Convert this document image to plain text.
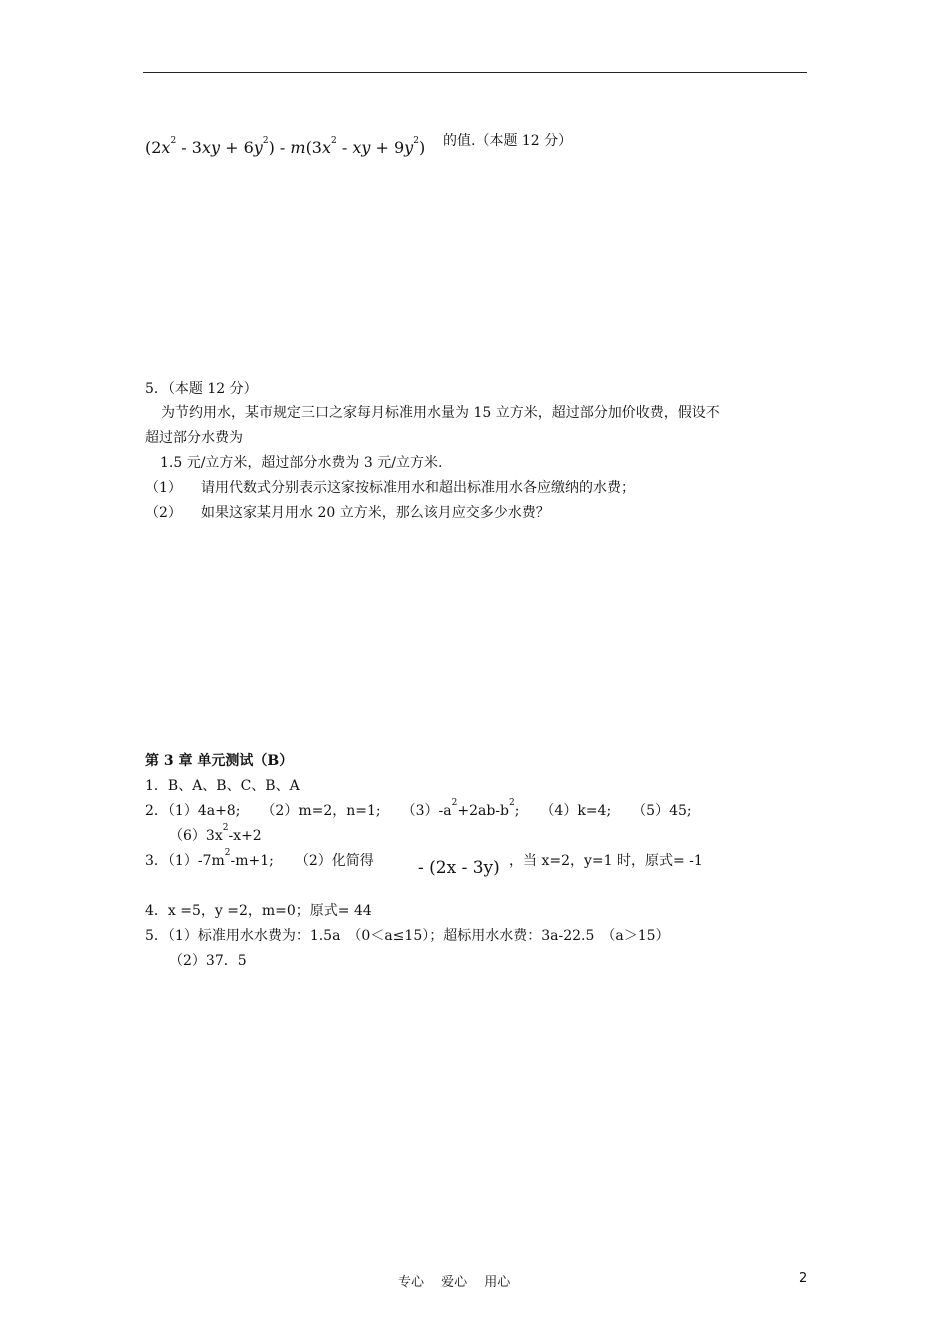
$(2x^2 - 3xy + 6y^2) - m(3x^2$ - xy + $9y^2$) 的值.（本题 12 分）
5．（本题 12 分）
为节约用水，某市规定三口之家每月标准用水量为 15 立方米，超过部分加价收费，假设不
超过部分水费为
1.5 元/立方米，超过部分水费为 3 元/立方米.
（1） 请用代数式分别表示这家按标准用水和超出标准用水各应缴纳的水费；
（2） 如果这家某月用水 20 立方米，那么该月应交多少水费？
第 3 章 单元测试（B）
1．B、A、B、C、B、A
2．（1）4a+8;　　（2）m=2，n=1;　　$(3)-a^2+2ab-b^2$;　　（4）k=4;　　（5）45;
$(6)3x^2-x+2$
3．$(1)-7m^2-m+1$;　　（2）化简得	- (2x - 3y) ，当 x=2，y=1 时，原式= -1
4．x =5，y =2，m=0；原式= 44
5．（1）标准用水水费为：1.5a　（0＜a≤15）；超标用水水费：3a-22.5　（a＞15）
（2）37．5
专心　 爱心　 用心	2
